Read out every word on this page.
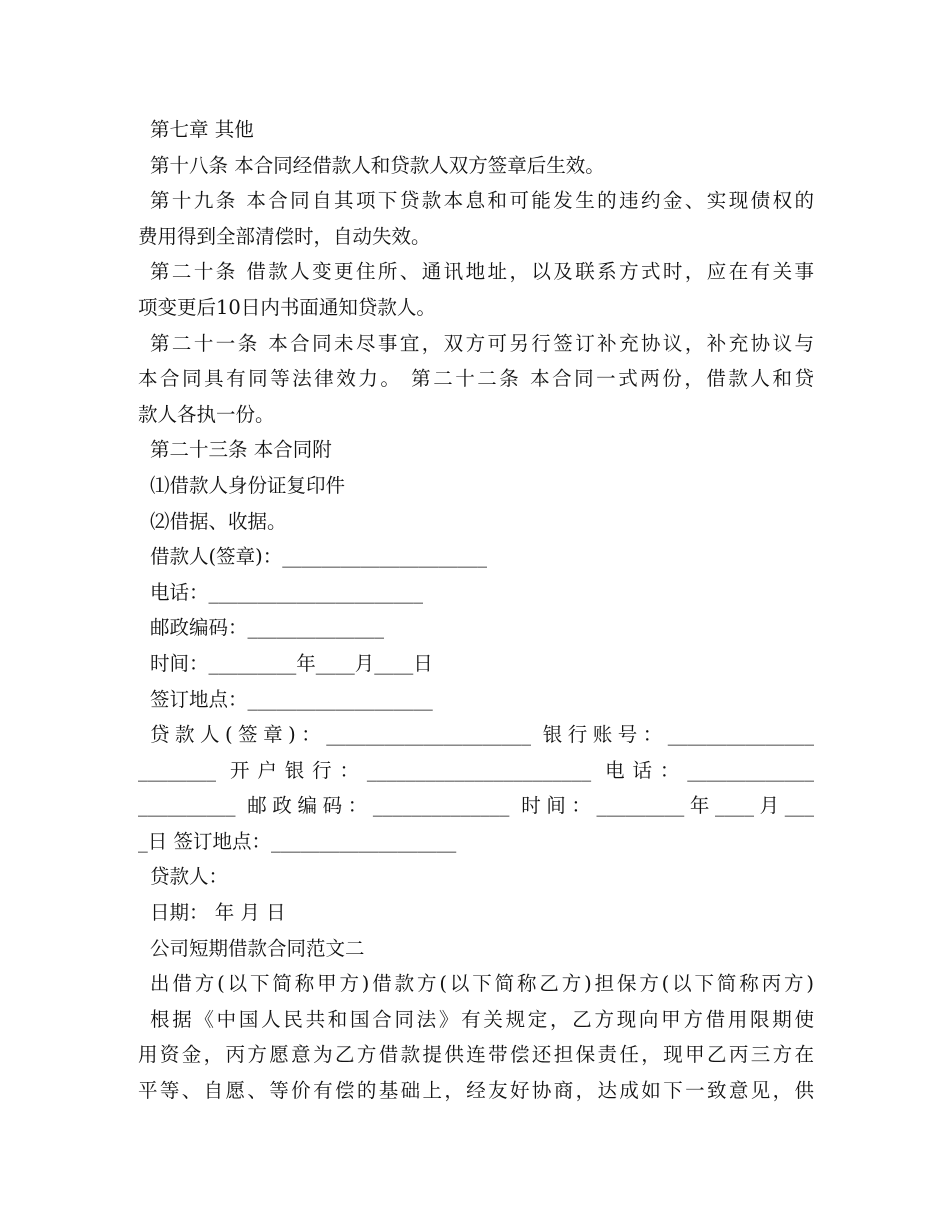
第七章 其他
第十八条 本合同经借款人和贷款人双方签章后生效。
第十九条 本合同自其项下贷款本息和可能发生的违约金、实现债权的
费用得到全部清偿时，自动失效。
第二十条 借款人变更住所、通讯地址，以及联系方式时，应在有关事
项变更后10日内书面通知贷款人。
第二十一条 本合同未尽事宜，双方可另行签订补充协议，补充协议与
本合同具有同等法律效力。 第二十二条 本合同一式两份，借款人和贷
款人各执一份。
第二十三条 本合同附
⑴借款人身份证复印件
⑵借据、收据。
借款人(签章)：_____________________
电话：______________________
邮政编码：______________
时间：_________年____月____日
签订地点：___________________
贷款人(签章)：_____________________ 银行账号：_______________
________ 开户银行：_______________________ 电话：_____________
__________ 邮政编码：______________ 时间：_________年____月___
_日 签订地点：___________________
贷款人：
日期： 年 月 日
公司短期借款合同范文二
出借方(以下简称甲方)借款方(以下简称乙方)担保方(以下简称丙方)
根据《中国人民共和国合同法》有关规定，乙方现向甲方借用限期使
用资金，丙方愿意为乙方借款提供连带偿还担保责任，现甲乙丙三方在
平等、自愿、等价有偿的基础上，经友好协商，达成如下一致意见，供
